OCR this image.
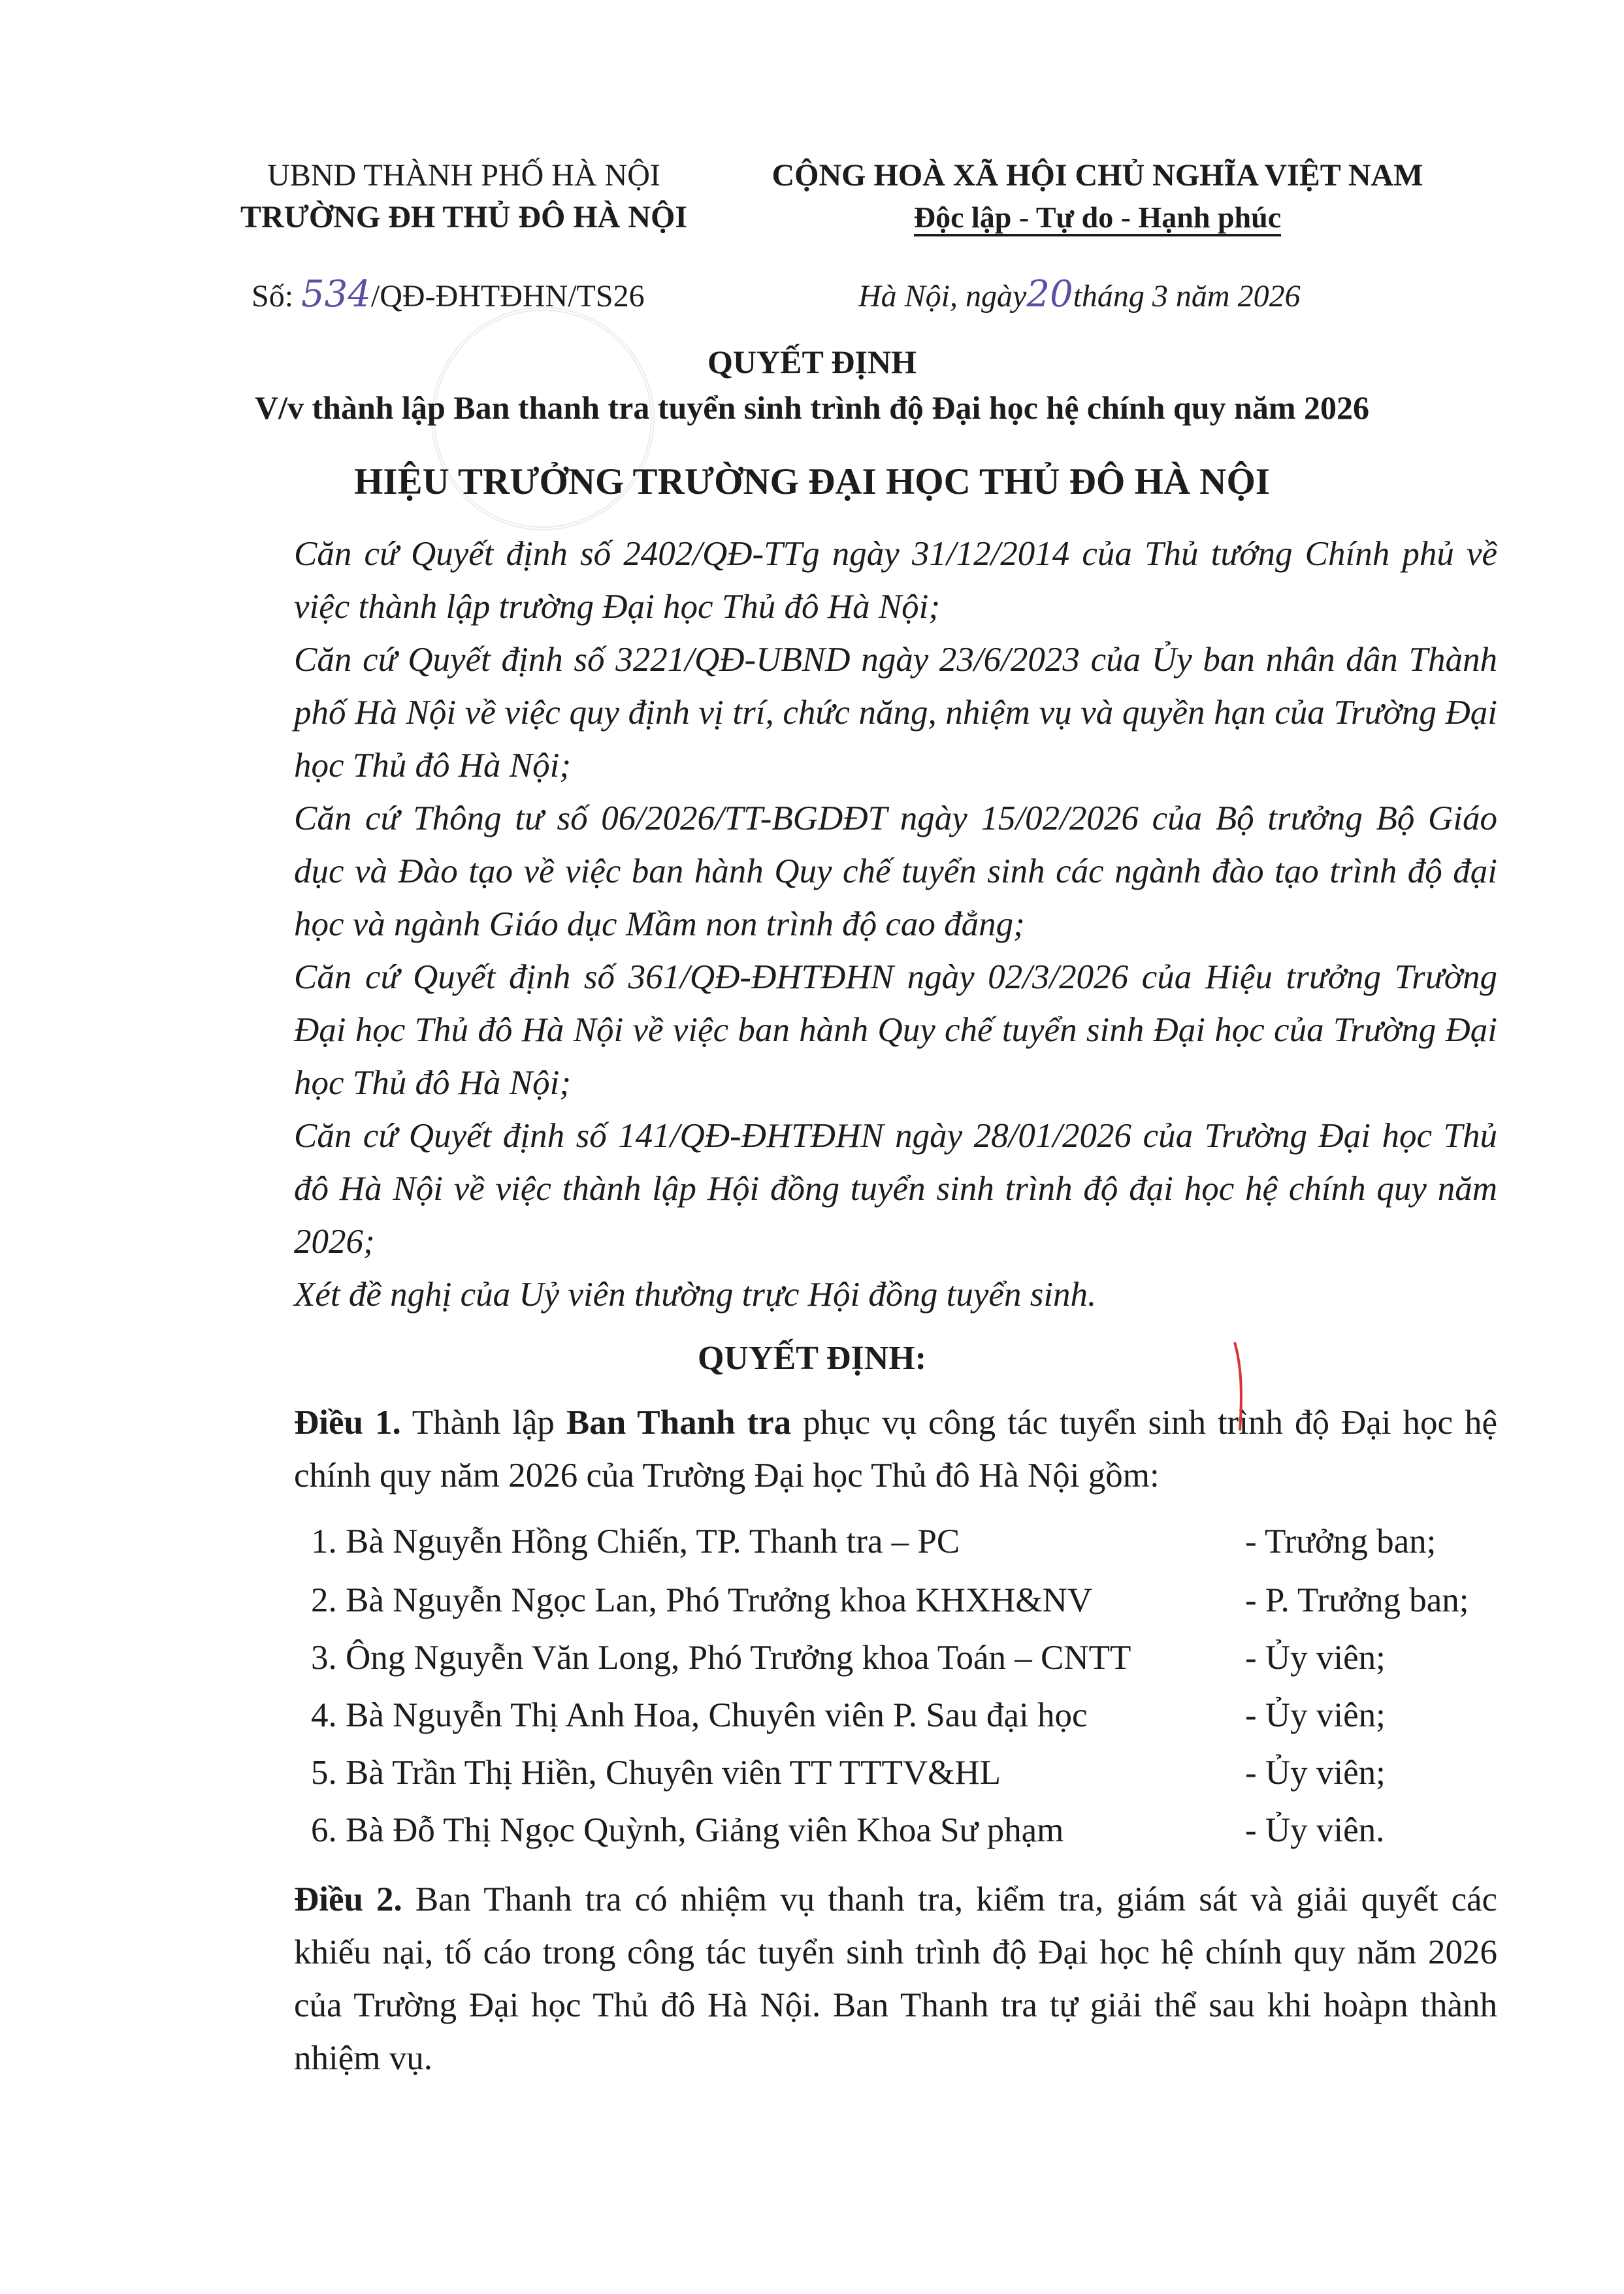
UBND THÀNH PHỐ HÀ NỘI
TRƯỜNG ĐH THỦ ĐÔ HÀ NỘI
CỘNG HOÀ XÃ HỘI CHỦ NGHĨA VIỆT NAM
Độc lập - Tự do - Hạnh phúc
Số: 534/QĐ-ĐHTĐHN/TS26	Hà Nội, ngày20tháng 3 năm 2026
QUYẾT ĐỊNH
V/v thành lập Ban thanh tra tuyển sinh trình độ Đại học hệ chính quy năm 2026
HIỆU TRƯỞNG TRƯỜNG ĐẠI HỌC THỦ ĐÔ HÀ NỘI
Căn cứ Quyết định số 2402/QĐ-TTg ngày 31/12/2014 của Thủ tướng Chính phủ về việc thành lập trường Đại học Thủ đô Hà Nội;
Căn cứ Quyết định số 3221/QĐ-UBND ngày 23/6/2023 của Ủy ban nhân dân Thành phố Hà Nội về việc quy định vị trí, chức năng, nhiệm vụ và quyền hạn của Trường Đại học Thủ đô Hà Nội;
Căn cứ Thông tư số 06/2026/TT-BGDĐT ngày 15/02/2026 của Bộ trưởng Bộ Giáo dục và Đào tạo về việc ban hành Quy chế tuyển sinh các ngành đào tạo trình độ đại học và ngành Giáo dục Mầm non trình độ cao đẳng;
Căn cứ Quyết định số 361/QĐ-ĐHTĐHN ngày 02/3/2026 của Hiệu trưởng Trường Đại học Thủ đô Hà Nội về việc ban hành Quy chế tuyển sinh Đại học của Trường Đại học Thủ đô Hà Nội;
Căn cứ Quyết định số 141/QĐ-ĐHTĐHN ngày 28/01/2026 của Trường Đại học Thủ đô Hà Nội về việc thành lập Hội đồng tuyển sinh trình độ đại học hệ chính quy năm 2026;
Xét đề nghị của Uỷ viên thường trực Hội đồng tuyển sinh.
QUYẾT ĐỊNH:
Điều 1. Thành lập Ban Thanh tra phục vụ công tác tuyển sinh trình độ Đại học hệ chính quy năm 2026 của Trường Đại học Thủ đô Hà Nội gồm:
1. Bà Nguyễn Hồng Chiến, TP. Thanh tra – PC	- Trưởng ban;
2. Bà Nguyễn Ngọc Lan, Phó Trưởng khoa KHXH&NV	- P. Trưởng ban;
3. Ông Nguyễn Văn Long, Phó Trưởng khoa Toán – CNTT	- Ủy viên;
4. Bà Nguyễn Thị Anh Hoa, Chuyên viên P. Sau đại học	- Ủy viên;
5. Bà Trần Thị Hiền, Chuyên viên TT TTTV&HL	- Ủy viên;
6. Bà Đỗ Thị Ngọc Quỳnh, Giảng viên Khoa Sư phạm	- Ủy viên.
Điều 2. Ban Thanh tra có nhiệm vụ thanh tra, kiểm tra, giám sát và giải quyết các khiếu nại, tố cáo trong công tác tuyển sinh trình độ Đại học hệ chính quy năm 2026 của Trường Đại học Thủ đô Hà Nội. Ban Thanh tra tự giải thể sau khi hoàpn thành nhiệm vụ.
